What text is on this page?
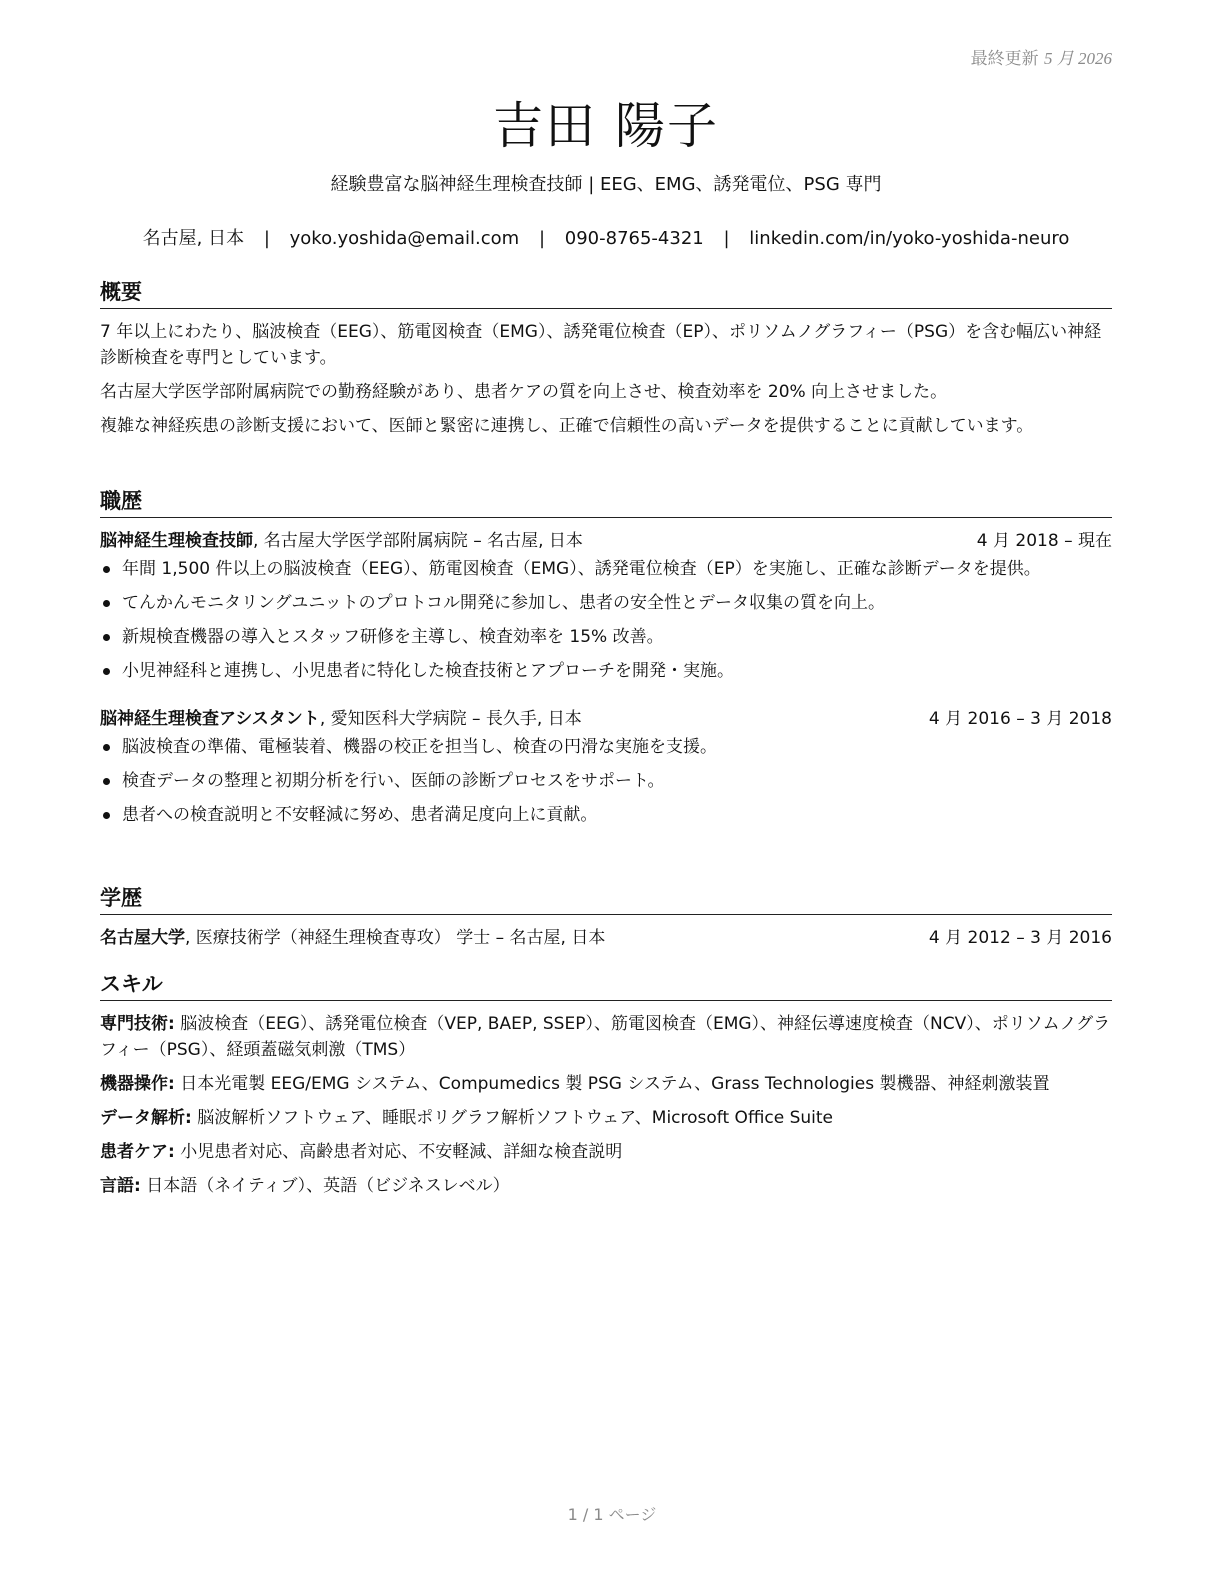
最終更新 5 月 2026
吉田 陽子
経験豊富な脳神経生理検査技師 | EEG、EMG、誘発電位、PSG 専門
名古屋, 日本 | yoko.yoshida@email.com | 090-8765-4321 | linkedin.com/in/yoko-yoshida-neuro
概要

7 年以上にわたり、脳波検査（EEG）、筋電図検査（EMG）、誘発電位検査（EP）、ポリソムノグラフィー（PSG）を含む幅広い神経診断検査を専門としています。

名古屋大学医学部附属病院での勤務経験があり、患者ケアの質を向上させ、検査効率を 20% 向上させました。

複雑な神経疾患の診断支援において、医師と緊密に連携し、正確で信頼性の高いデータを提供することに貢献しています。

職歴
脳神経生理検査技師, 名古屋大学医学部附属病院 – 名古屋, 日本	4 月 2018 – 現在
年間 1,500 件以上の脳波検査（EEG）、筋電図検査（EMG）、誘発電位検査（EP）を実施し、正確な診断データを提供。
てんかんモニタリングユニットのプロトコル開発に参加し、患者の安全性とデータ収集の質を向上。
新規検査機器の導入とスタッフ研修を主導し、検査効率を 15% 改善。
小児神経科と連携し、小児患者に特化した検査技術とアプローチを開発・実施。
脳神経生理検査アシスタント, 愛知医科大学病院 – 長久手, 日本	4 月 2016 – 3 月 2018
脳波検査の準備、電極装着、機器の校正を担当し、検査の円滑な実施を支援。
検査データの整理と初期分析を行い、医師の診断プロセスをサポート。
患者への検査説明と不安軽減に努め、患者満足度向上に貢献。
学歴
名古屋大学, 医療技術学（神経生理検査専攻） 学士 – 名古屋, 日本	4 月 2012 – 3 月 2016
スキル
専門技術: 脳波検査（EEG）、誘発電位検査（VEP, BAEP, SSEP）、筋電図検査（EMG）、神経伝導速度検査（NCV）、ポリソムノグラフィー（PSG）、経頭蓋磁気刺激（TMS）
機器操作: 日本光電製 EEG/EMG システム、Compumedics 製 PSG システム、Grass Technologies 製機器、神経刺激装置
データ解析: 脳波解析ソフトウェア、睡眠ポリグラフ解析ソフトウェア、Microsoft Office Suite
患者ケア: 小児患者対応、高齢患者対応、不安軽減、詳細な検査説明
言語: 日本語（ネイティブ）、英語（ビジネスレベル）
1 / 1 ページ
